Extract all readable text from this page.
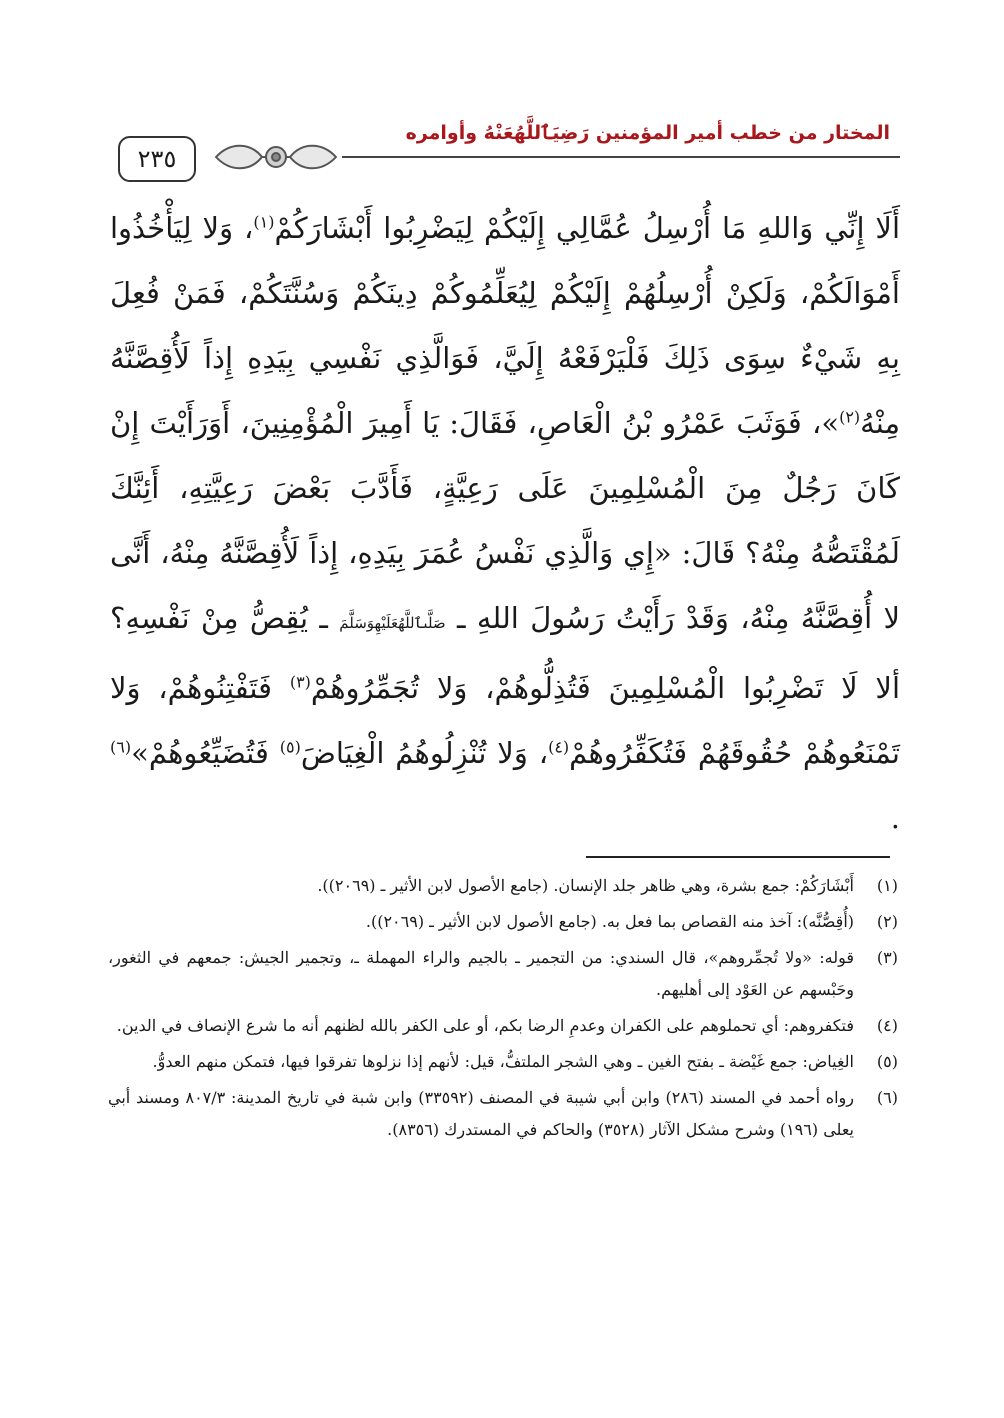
٢٣٥
المختار من خطب أمير المؤمنين رَضِيَٱللَّهُعَنْهُ وأوامره

أَلَا إِنِّي وَاللهِ مَا أُرْسِلُ عُمَّالِي إِلَيْكُمْ لِيَضْرِبُوا أَبْشَارَكُمْ$^{(١)}$، وَلا لِيَأْخُذُوا أَمْوَالَكُمْ، وَلَكِنْ أُرْسِلُهُمْ إِلَيْكُمْ لِيُعَلِّمُوكُمْ دِينَكُمْ وَسُنَّتَكُمْ، فَمَنْ فُعِلَ بِهِ شَيْءٌ سِوَى ذَلِكَ فَلْيَرْفَعْهُ إِلَيَّ، فَوَالَّذِي نَفْسِي بِيَدِهِ إِذاً لَأُقِصَّنَّهُ مِنْهُ$^{(٢)}$»، فَوَثَبَ عَمْرُو بْنُ الْعَاصِ، فَقَالَ: يَا أَمِيرَ الْمُؤْمِنِينَ، أَوَرَأَيْتَ إِنْ كَانَ رَجُلٌ مِنَ الْمُسْلِمِينَ عَلَى رَعِيَّةٍ، فَأَدَّبَ بَعْضَ رَعِيَّتِهِ، أَئِنَّكَ لَمُقْتَصُّهُ مِنْهُ؟ قَالَ: «إِي وَالَّذِي نَفْسُ عُمَرَ بِيَدِهِ، إِذاً لَأُقِصَّنَّهُ مِنْهُ، أَنَّى لا أُقِصَّنَّهُ مِنْهُ، وَقَدْ رَأَيْتُ رَسُولَ اللهِ ـ صَلَّىٱللَّهُعَلَيْهِوَسَلَّمَ ـ يُقِصُّ مِنْ نَفْسِهِ؟ ألا لَا تَضْرِبُوا الْمُسْلِمِينَ فَتُذِلُّوهُمْ، وَلا تُجَمِّرُوهُمْ$^{(٣)}$ فَتَفْتِنُوهُمْ، وَلا تَمْنَعُوهُمْ حُقُوقَهُمْ فَتُكَفِّرُوهُمْ$^{(٤)}$، وَلا تُنْزِلُوهُمُ الْغِيَاضَ$^{(٥)}$ فَتُضَيِّعُوهُمْ»$^{(٦)}$ .

(١)
أَبْشَارَكُمْ: جمع بشرة، وهي ظاهر جلد الإنسان. (جامع الأصول لابن الأثير ـ (٢٠٦٩)).
(٢)
(أُقِصُّنَّه): آخذ منه القصاص بما فعل به. (جامع الأصول لابن الأثير ـ (٢٠٦٩)).
(٣)
قوله: «ولا تُجمِّروهم»، قال السندي: من التجمير ـ بالجيم والراء المهملة ـ، وتجمير الجيش: جمعهم في الثغور، وحَبْسهم عن العَوْد إلى أهليهم.
(٤)
فتكفروهم: أي تحملوهم على الكفران وعدمِ الرضا بكم، أو على الكفر بالله لظنهم أنه ما شرع الإنصاف في الدين.
(٥)
الغِياض: جمع غَيْضة ـ بفتح الغين ـ وهي الشجر الملتفُّ، قيل: لأنهم إذا نزلوها تفرقوا فيها، فتمكن منهم العدوُّ.
(٦)
رواه أحمد في المسند (٢٨٦) وابن أبي شيبة في المصنف (٣٣٥٩٢) وابن شبة في تاريخ المدينة: ٨٠٧/٣ ومسند أبي يعلى (١٩٦) وشرح مشكل الآثار (٣٥٢٨) والحاكم في المستدرك (٨٣٥٦).
